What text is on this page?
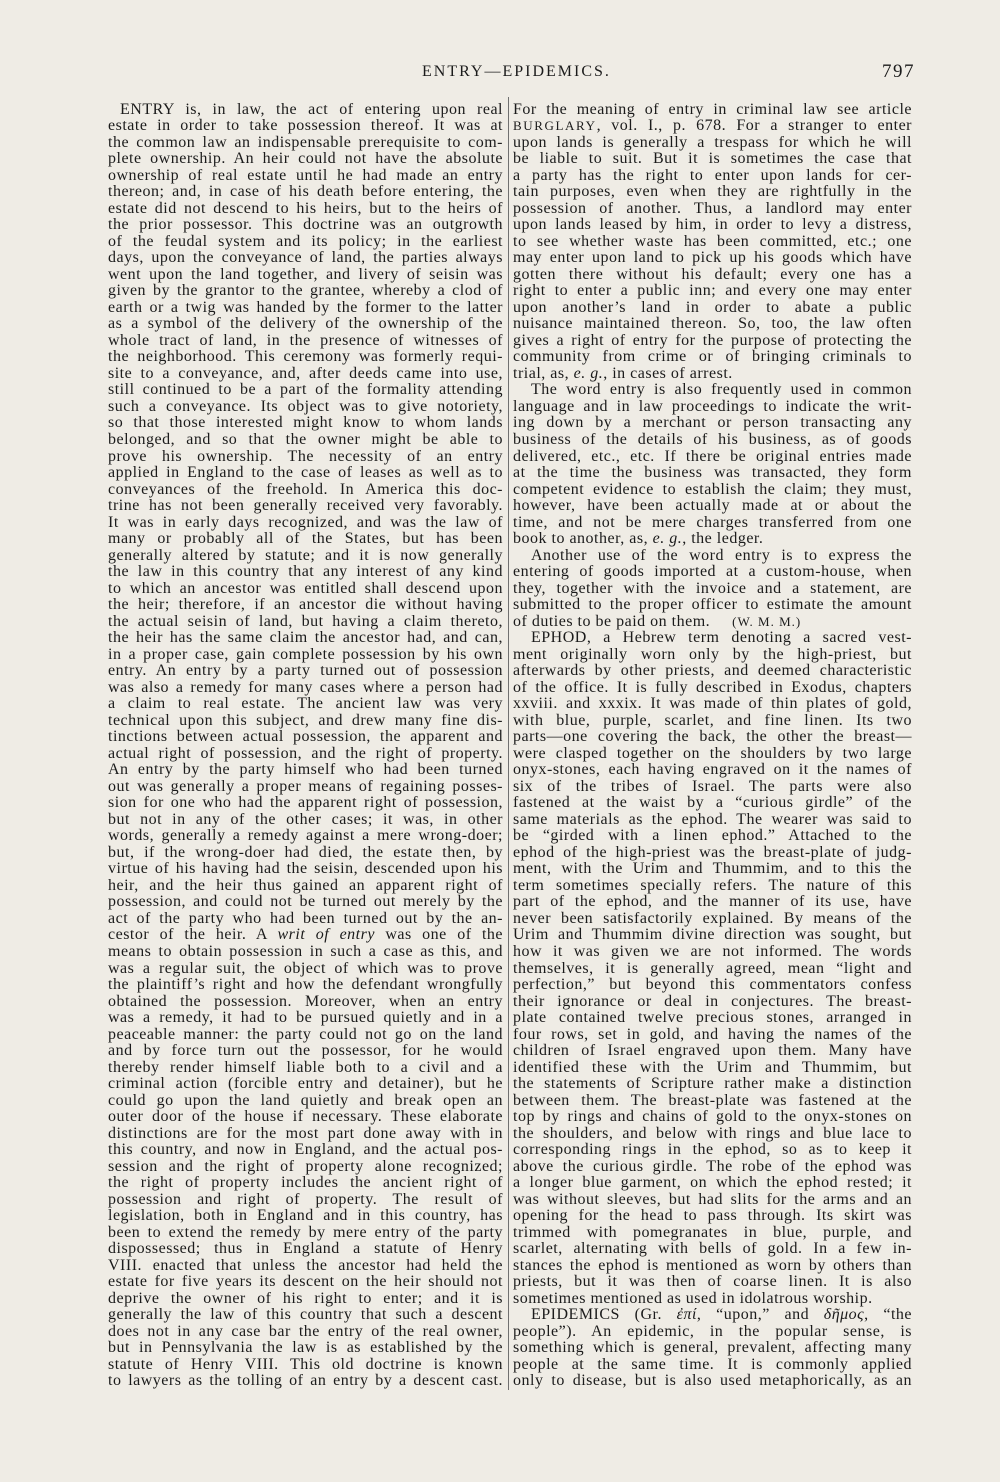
ENTRY—EPIDEMICS.	797
ENTRY is, in law, the act of entering upon real
estate in order to take possession thereof. It was at
the common law an indispensable prerequisite to com-
plete ownership. An heir could not have the absolute
ownership of real estate until he had made an entry
thereon; and, in case of his death before entering, the
estate did not descend to his heirs, but to the heirs of
the prior possessor. This doctrine was an outgrowth
of the feudal system and its policy; in the earliest
days, upon the conveyance of land, the parties always
went upon the land together, and livery of seisin was
given by the grantor to the grantee, whereby a clod of
earth or a twig was handed by the former to the latter
as a symbol of the delivery of the ownership of the
whole tract of land, in the presence of witnesses of
the neighborhood. This ceremony was formerly requi-
site to a conveyance, and, after deeds came into use,
still continued to be a part of the formality attending
such a conveyance. Its object was to give notoriety,
so that those interested might know to whom lands
belonged, and so that the owner might be able to
prove his ownership. The necessity of an entry
applied in England to the case of leases as well as to
conveyances of the freehold. In America this doc-
trine has not been generally received very favorably.
It was in early days recognized, and was the law of
many or probably all of the States, but has been
generally altered by statute; and it is now generally
the law in this country that any interest of any kind
to which an ancestor was entitled shall descend upon
the heir; therefore, if an ancestor die without having
the actual seisin of land, but having a claim thereto,
the heir has the same claim the ancestor had, and can,
in a proper case, gain complete possession by his own
entry. An entry by a party turned out of possession
was also a remedy for many cases where a person had
a claim to real estate. The ancient law was very
technical upon this subject, and drew many fine dis-
tinctions between actual possession, the apparent and
actual right of possession, and the right of property.
An entry by the party himself who had been turned
out was generally a proper means of regaining posses-
sion for one who had the apparent right of possession,
but not in any of the other cases; it was, in other
words, generally a remedy against a mere wrong-doer;
but, if the wrong-doer had died, the estate then, by
virtue of his having had the seisin, descended upon his
heir, and the heir thus gained an apparent right of
possession, and could not be turned out merely by the
act of the party who had been turned out by the an-
cestor of the heir. A writ of entry was one of the
means to obtain possession in such a case as this, and
was a regular suit, the object of which was to prove
the plaintiff’s right and how the defendant wrongfully
obtained the possession. Moreover, when an entry
was a remedy, it had to be pursued quietly and in a
peaceable manner: the party could not go on the land
and by force turn out the possessor, for he would
thereby render himself liable both to a civil and a
criminal action (forcible entry and detainer), but he
could go upon the land quietly and break open an
outer door of the house if necessary. These elaborate
distinctions are for the most part done away with in
this country, and now in England, and the actual pos-
session and the right of property alone recognized;
the right of property includes the ancient right of
possession and right of property. The result of
legislation, both in England and in this country, has
been to extend the remedy by mere entry of the party
dispossessed; thus in England a statute of Henry
VIII. enacted that unless the ancestor had held the
estate for five years its descent on the heir should not
deprive the owner of his right to enter; and it is
generally the law of this country that such a descent
does not in any case bar the entry of the real owner,
but in Pennsylvania the law is as established by the
statute of Henry VIII. This old doctrine is known
to lawyers as the tolling of an entry by a descent cast.
For the meaning of entry in criminal law see article
BURGLARY, vol. I., p. 678. For a stranger to enter
upon lands is generally a trespass for which he will
be liable to suit. But it is sometimes the case that
a party has the right to enter upon lands for cer-
tain purposes, even when they are rightfully in the
possession of another. Thus, a landlord may enter
upon lands leased by him, in order to levy a distress,
to see whether waste has been committed, etc.; one
may enter upon land to pick up his goods which have
gotten there without his default; every one has a
right to enter a public inn; and every one may enter
upon another’s land in order to abate a public
nuisance maintained thereon. So, too, the law often
gives a right of entry for the purpose of protecting the
community from crime or of bringing criminals to
trial, as, e. g., in cases of arrest.
The word entry is also frequently used in common
language and in law proceedings to indicate the writ-
ing down by a merchant or person transacting any
business of the details of his business, as of goods
delivered, etc., etc. If there be original entries made
at the time the business was transacted, they form
competent evidence to establish the claim; they must,
however, have been actually made at or about the
time, and not be mere charges transferred from one
book to another, as, e. g., the ledger.
Another use of the word entry is to express the
entering of goods imported at a custom-house, when
they, together with the invoice and a statement, are
submitted to the proper officer to estimate the amount
of duties to be paid on them. (W. M. M.)
EPHOD, a Hebrew term denoting a sacred vest-
ment originally worn only by the high-priest, but
afterwards by other priests, and deemed characteristic
of the office. It is fully described in Exodus, chapters
xxviii. and xxxix. It was made of thin plates of gold,
with blue, purple, scarlet, and fine linen. Its two
parts—one covering the back, the other the breast—
were clasped together on the shoulders by two large
onyx-stones, each having engraved on it the names of
six of the tribes of Israel. The parts were also
fastened at the waist by a “curious girdle” of the
same materials as the ephod. The wearer was said to
be “girded with a linen ephod.” Attached to the
ephod of the high-priest was the breast-plate of judg-
ment, with the Urim and Thummim, and to this the
term sometimes specially refers. The nature of this
part of the ephod, and the manner of its use, have
never been satisfactorily explained. By means of the
Urim and Thummim divine direction was sought, but
how it was given we are not informed. The words
themselves, it is generally agreed, mean “light and
perfection,” but beyond this commentators confess
their ignorance or deal in conjectures. The breast-
plate contained twelve precious stones, arranged in
four rows, set in gold, and having the names of the
children of Israel engraved upon them. Many have
identified these with the Urim and Thummim, but
the statements of Scripture rather make a distinction
between them. The breast-plate was fastened at the
top by rings and chains of gold to the onyx-stones on
the shoulders, and below with rings and blue lace to
corresponding rings in the ephod, so as to keep it
above the curious girdle. The robe of the ephod was
a longer blue garment, on which the ephod rested; it
was without sleeves, but had slits for the arms and an
opening for the head to pass through. Its skirt was
trimmed with pomegranates in blue, purple, and
scarlet, alternating with bells of gold. In a few in-
stances the ephod is mentioned as worn by others than
priests, but it was then of coarse linen. It is also
sometimes mentioned as used in idolatrous worship.
EPIDEMICS (Gr. ἐπί, “upon,” and δῆμος, “the
people”). An epidemic, in the popular sense, is
something which is general, prevalent, affecting many
people at the same time. It is commonly applied
only to disease, but is also used metaphorically, as an
